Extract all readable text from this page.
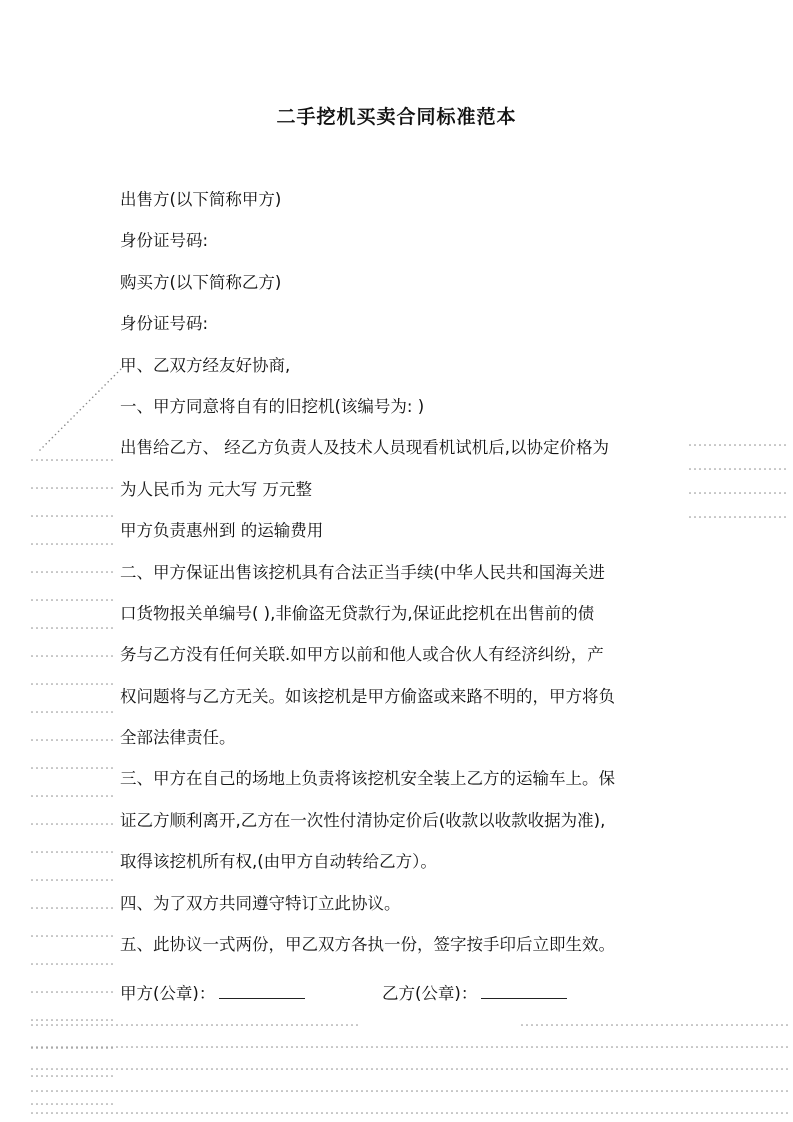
二手挖机买卖合同标准范本
出售方(以下简称甲方)
身份证号码:
购买方(以下简称乙方)
身份证号码:
甲、乙双方经友好协商,
一、甲方同意将自有的旧挖机(该编号为: )
出售给乙方、 经乙方负责人及技术人员现看机试机后,以协定价格为
为人民币为 元大写 万元整
甲方负责惠州到 的运输费用
二、甲方保证出售该挖机具有合法正当手续(中华人民共和国海关进
口货物报关单编号( ),非偷盗无贷款行为,保证此挖机在出售前的债
务与乙方没有任何关联.如甲方以前和他人或合伙人有经济纠纷，产
权问题将与乙方无关。如该挖机是甲方偷盗或来路不明的，甲方将负
全部法律责任。
三、甲方在自己的场地上负责将该挖机安全装上乙方的运输车上。保
证乙方顺利离开,乙方在一次性付清协定价后(收款以收款收据为准),
取得该挖机所有权,(由甲方自动转给乙方）。
四、为了双方共同遵守特订立此协议。
五、此协议一式两份，甲乙双方各执一份，签字按手印后立即生效。
甲方(公章)：	乙方(公章)：
